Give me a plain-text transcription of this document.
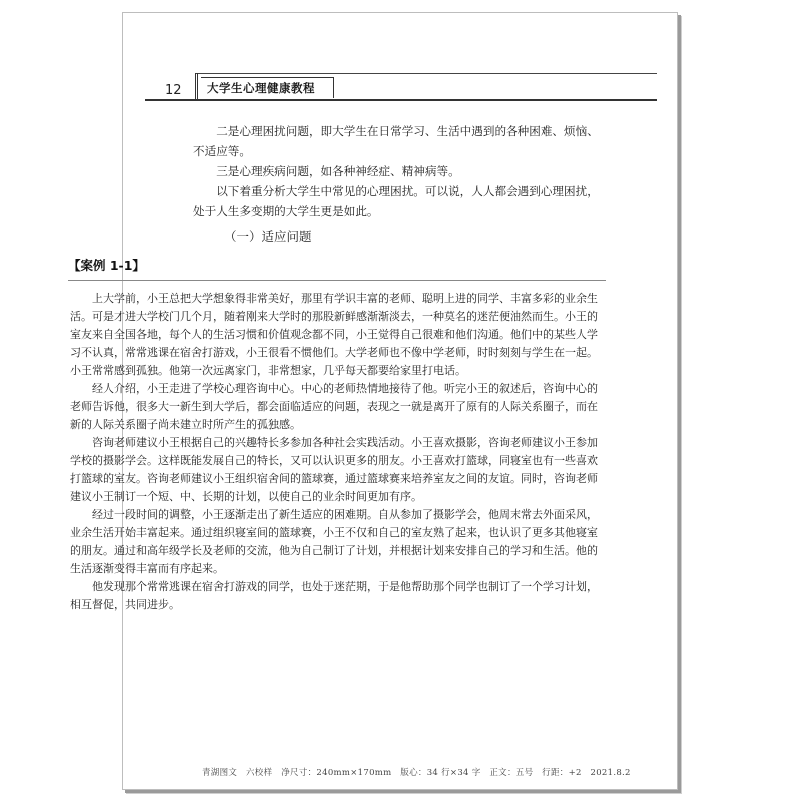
12	大学生心理健康教程

二是心理困扰问题，即大学生在日常学习、生活中遇到的各种困难、烦恼、不适应等。

三是心理疾病问题，如各种神经症、精神病等。

以下着重分析大学生中常见的心理困扰。可以说，人人都会遇到心理困扰，处于人生多变期的大学生更是如此。

（一）适应问题
【案例 1-1】

上大学前，小王总把大学想象得非常美好，那里有学识丰富的老师、聪明上进的同学、丰富多彩的业余生活。可是才进大学校门几个月，随着刚来大学时的那股新鲜感渐渐淡去，一种莫名的迷茫便油然而生。小王的室友来自全国各地，每个人的生活习惯和价值观念都不同，小王觉得自己很难和他们沟通。他们中的某些人学习不认真，常常逃课在宿舍打游戏，小王很看不惯他们。大学老师也不像中学老师，时时刻刻与学生在一起。小王常常感到孤独。他第一次远离家门，非常想家，几乎每天都要给家里打电话。

经人介绍，小王走进了学校心理咨询中心。中心的老师热情地接待了他。听完小王的叙述后，咨询中心的老师告诉他，很多大一新生到大学后，都会面临适应的问题，表现之一就是离开了原有的人际关系圈子，而在新的人际关系圈子尚未建立时所产生的孤独感。

咨询老师建议小王根据自己的兴趣特长多参加各种社会实践活动。小王喜欢摄影，咨询老师建议小王参加学校的摄影学会。这样既能发展自己的特长，又可以认识更多的朋友。小王喜欢打篮球，同寝室也有一些喜欢打篮球的室友。咨询老师建议小王组织宿舍间的篮球赛，通过篮球赛来培养室友之间的友谊。同时，咨询老师建议小王制订一个短、中、长期的计划，以使自己的业余时间更加有序。

经过一段时间的调整，小王逐渐走出了新生适应的困难期。自从参加了摄影学会，他周末常去外面采风，业余生活开始丰富起来。通过组织寝室间的篮球赛，小王不仅和自己的室友熟了起来，也认识了更多其他寝室的朋友。通过和高年级学长及老师的交流，他为自己制订了计划，并根据计划来安排自己的学习和生活。他的生活逐渐变得丰富而有序起来。

他发现那个常常逃课在宿舍打游戏的同学，也处于迷茫期，于是他帮助那个同学也制订了一个学习计划，相互督促，共同进步。

青湖图文　六校样　净尺寸：240mm×170mm　版心：34 行×34 字　正文：五号　行距：+2　2021.8.2
